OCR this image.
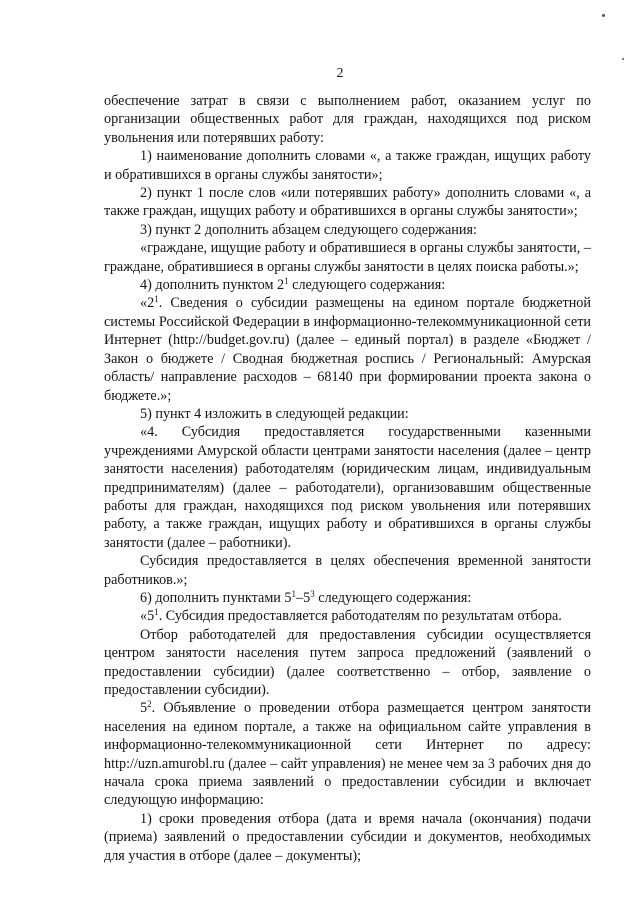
2

обеспечение затрат в связи с выполнением работ, оказанием услуг по организации общественных работ для граждан, находящихся под риском увольнения или потерявших работу:

1) наименование дополнить словами «, а также граждан, ищущих работу и обратившихся в органы службы занятости»;

2) пункт 1 после слов «или потерявших работу» дополнить словами «, а также граждан, ищущих работу и обратившихся в органы службы занятости»;

3) пункт 2 дополнить абзацем следующего содержания:

«граждане, ищущие работу и обратившиеся в органы службы занятости, – граждане, обратившиеся в органы службы занятости в целях поиска работы.»;

4) дополнить пунктом $2^1$ следующего содержания:

«$2^1$. Сведения о субсидии размещены на едином портале бюджетной системы Российской Федерации в информационно-телекоммуникационной сети Интернет (http://budget.gov.ru) (далее – единый портал) в разделе «Бюджет / Закон о бюджете / Сводная бюджетная роспись / Региональный: Амурская область/ направление расходов – 68140 при формировании проекта закона о бюджете.»;

5) пункт 4 изложить в следующей редакции:

«4. Субсидия предоставляется государственными казенными учреждениями Амурской области центрами занятости населения (далее – центр занятости населения) работодателям (юридическим лицам, индивидуальным предпринимателям) (далее – работодатели), организовавшим общественные работы для граждан, находящихся под риском увольнения или потерявших работу, а также граждан, ищущих работу и обратившихся в органы службы занятости (далее – работники).

Субсидия предоставляется в целях обеспечения временной занятости работников.»;

6) дополнить пунктами $5^1-5^3$ следующего содержания:

«$5^1$. Субсидия предоставляется работодателям по результатам отбора.

Отбор работодателей для предоставления субсидии осуществляется центром занятости населения путем запроса предложений (заявлений о предоставлении субсидии) (далее соответственно – отбор, заявление о предоставлении субсидии).

$5^2$. Объявление о проведении отбора размещается центром занятости населения на едином портале, а также на официальном сайте управления в информационно-телекоммуникационной сети Интернет по адресу: http://uzn.amurobl.ru (далее – сайт управления) не менее чем за 3 рабочих дня до начала срока приема заявлений о предоставлении субсидии и включает следующую информацию:

1) сроки проведения отбора (дата и время начала (окончания) подачи (приема) заявлений о предоставлении субсидии и документов, необходимых для участия в отборе (далее – документы);
